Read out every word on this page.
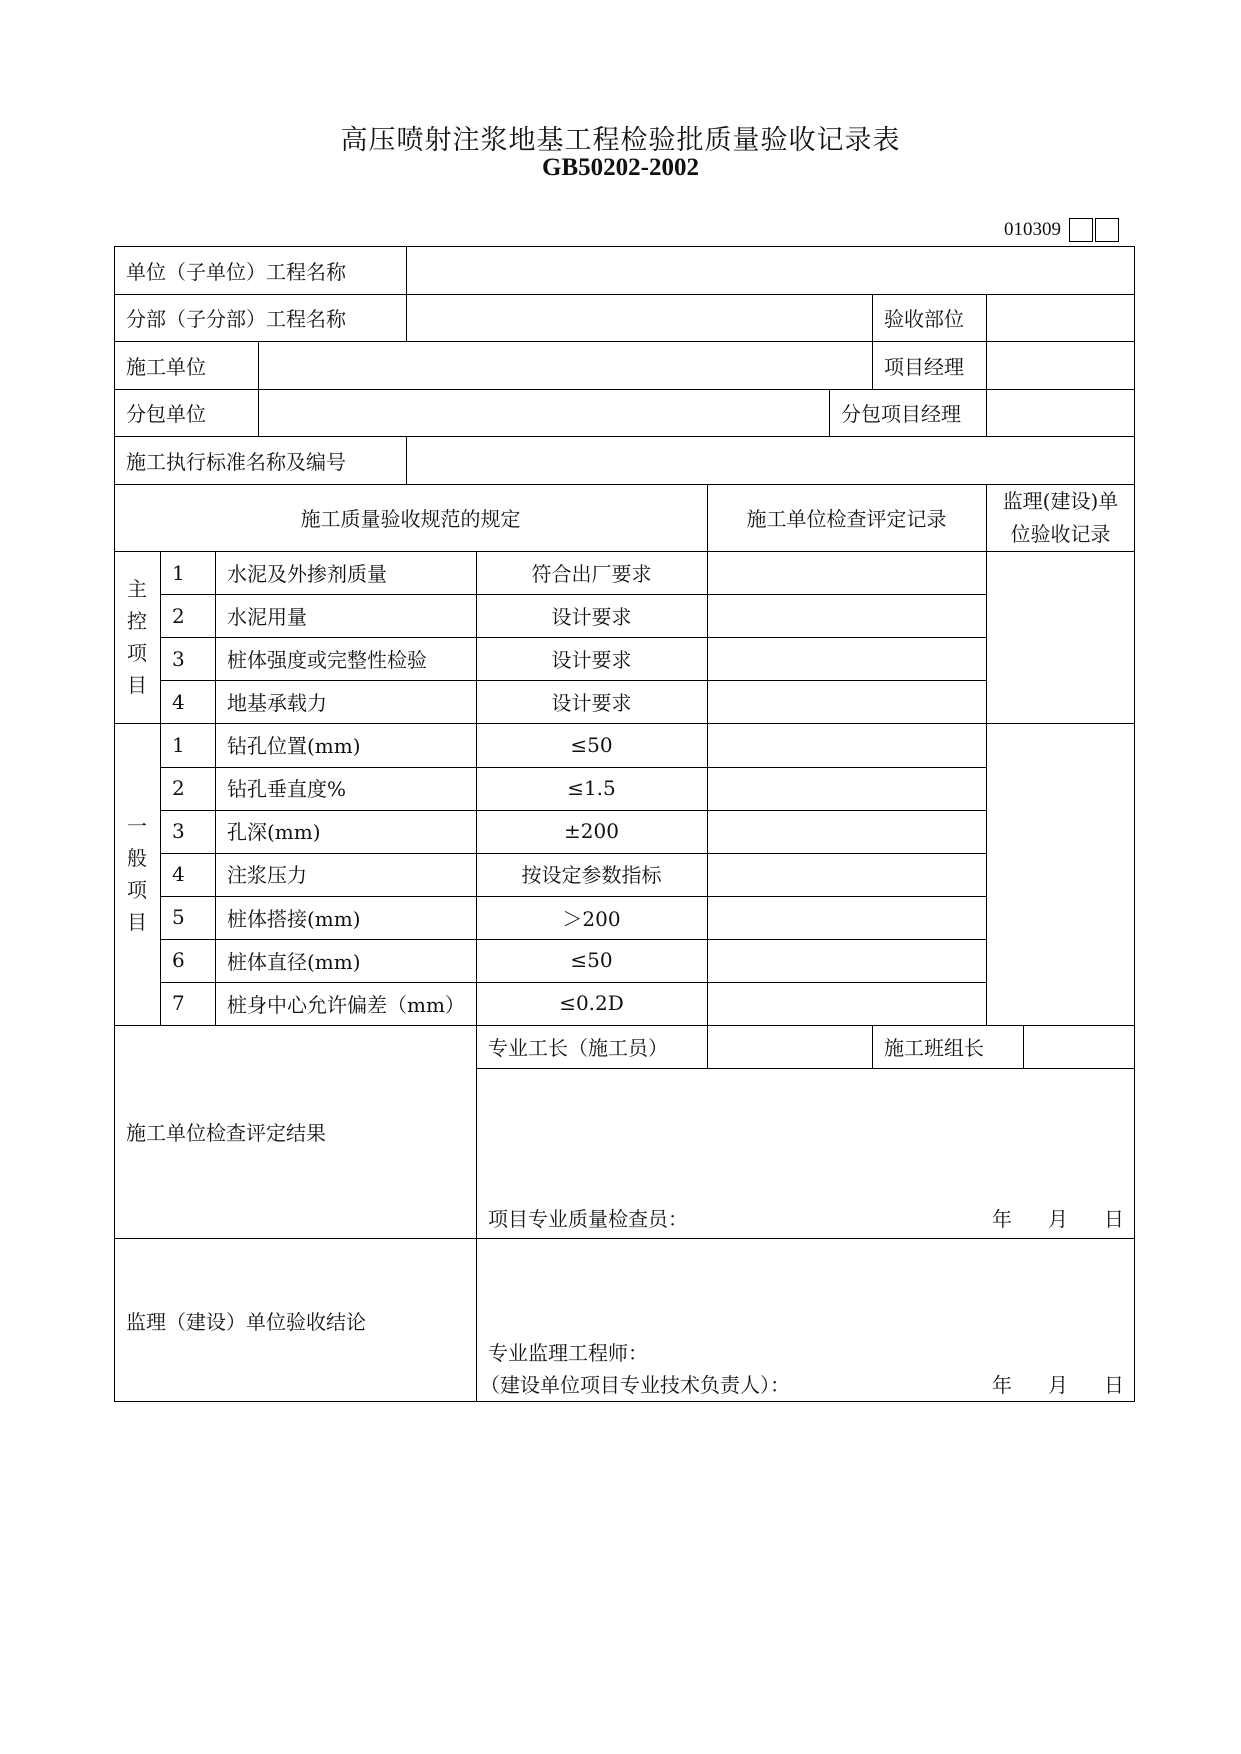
高压喷射注浆地基工程检验批质量验收记录表
GB50202-2002
010309
单位（子单位）工程名称
分部（子分部）工程名称	验收部位
施工单位	项目经理
分包单位	分包项目经理
施工执行标准名称及编号
施工质量验收规范的规定	施工单位检查评定记录
监理(建设)单
位验收记录
主
控
项
目
1 水泥及外掺剂质量	符合出厂要求
2 水泥用量	设计要求
3 桩体强度或完整性检验	设计要求
4 地基承载力	设计要求
一
般
项
目
1 钻孔位置(mm)	≤50
2 钻孔垂直度%	≤1.5
3 孔深(mm)	±200
4 注浆压力	按设定参数指标
5 桩体搭接(mm)	＞200
6 桩体直径(mm)	≤50
7 桩身中心允许偏差（mm）	≤0.2D
施工单位检查评定结果
专业工长（施工员）	施工班组长
项目专业质量检查员：	年 月 日
监理（建设）单位验收结论
专业监理工程师：
（建设单位项目专业技术负责人）：	年 月 日
